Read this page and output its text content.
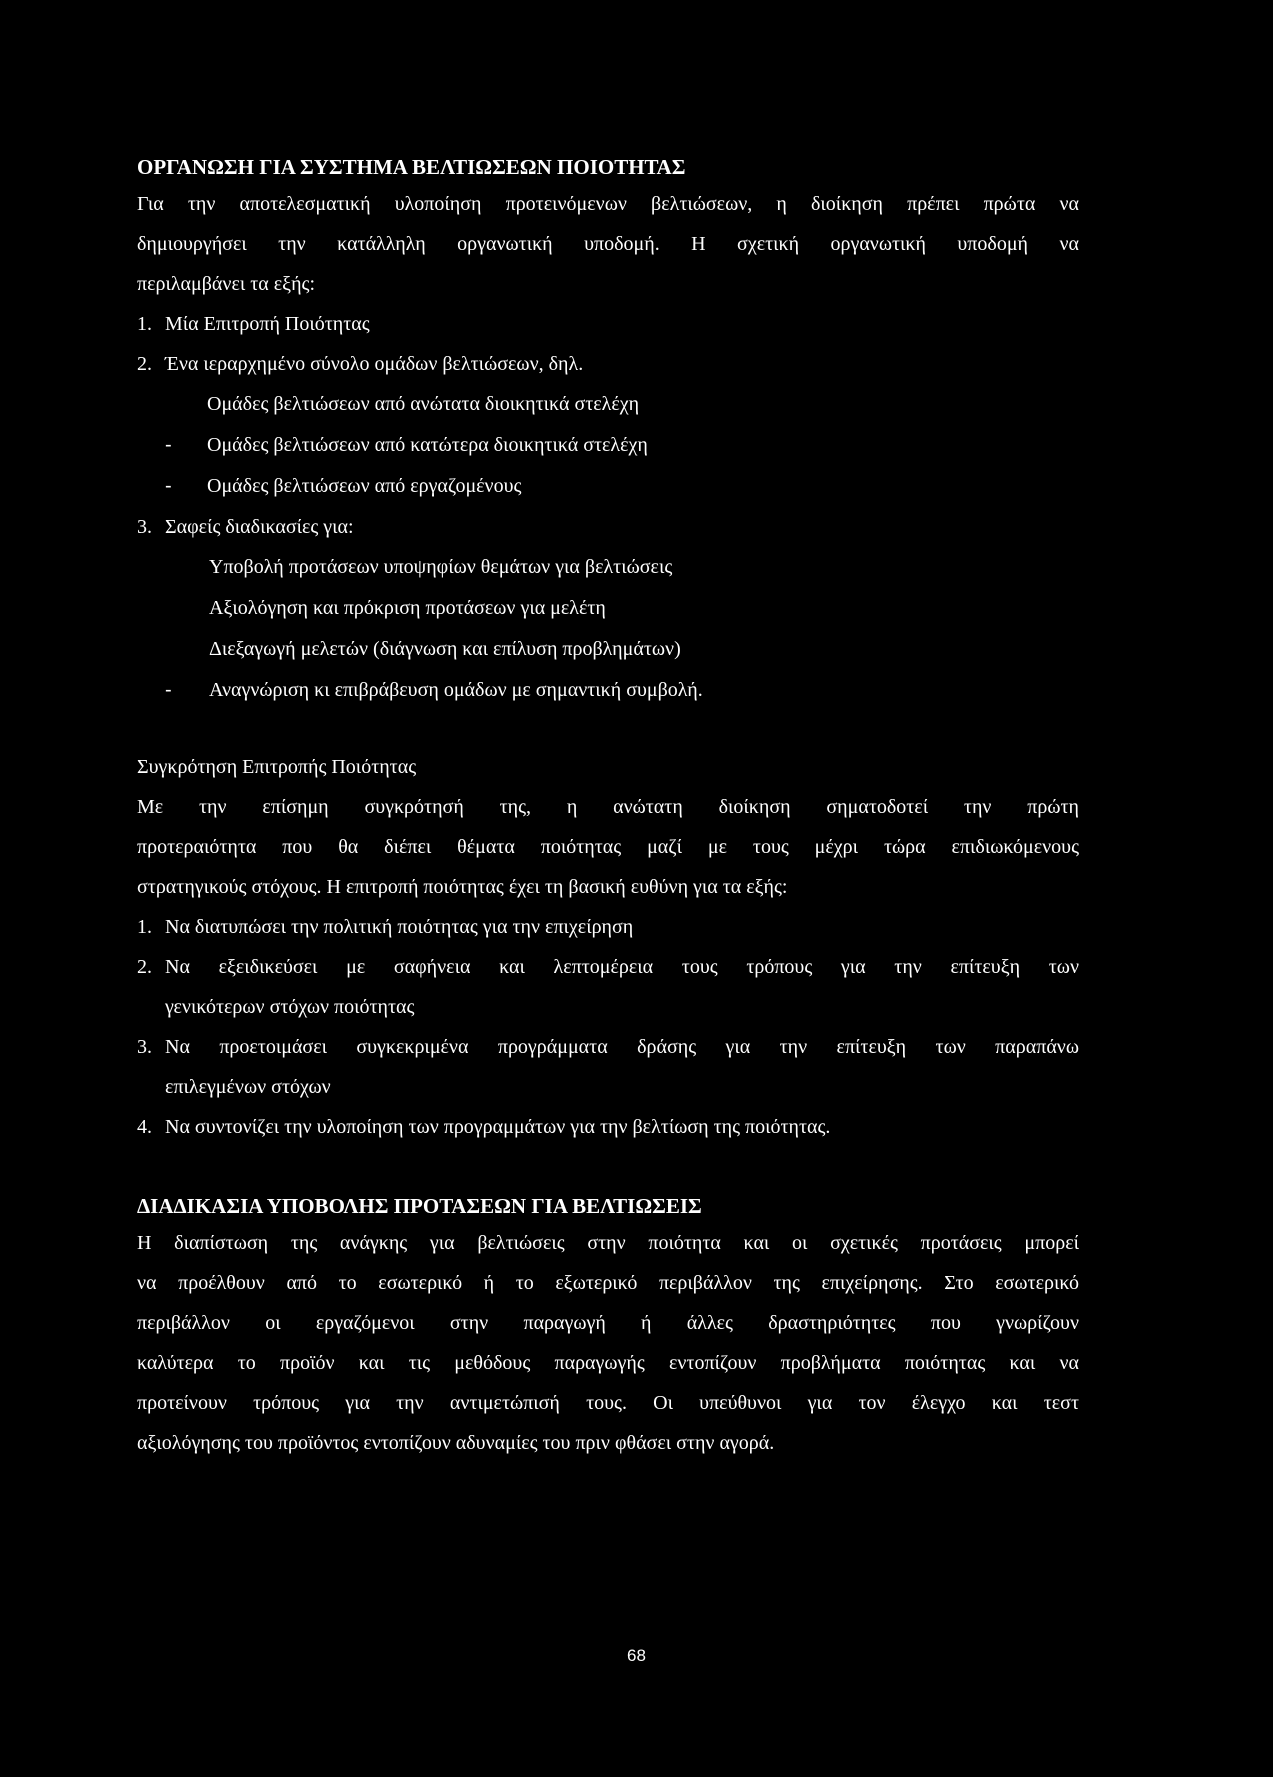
ΟΡΓΑΝΩΣΗ ΓΙΑ ΣΥΣΤΗΜΑ ΒΕΛΤΙΩΣΕΩΝ ΠΟΙΟΤΗΤΑΣ
Για την αποτελεσματική υλοποίηση προτεινόμενων βελτιώσεων, η διοίκηση πρέπει πρώτα να
δημιουργήσει την κατάλληλη οργανωτική υποδομή. Η σχετική οργανωτική υποδομή να
περιλαμβάνει τα εξής:
1. Μία Επιτροπή Ποιότητας
2. Ένα ιεραρχημένο σύνολο ομάδων βελτιώσεων, δηλ.
Ομάδες βελτιώσεων από ανώτατα διοικητικά στελέχη
-	Ομάδες βελτιώσεων από κατώτερα διοικητικά στελέχη
-	Ομάδες βελτιώσεων από εργαζομένους
3. Σαφείς διαδικασίες για:
Υποβολή προτάσεων υποψηφίων θεμάτων για βελτιώσεις
Αξιολόγηση και πρόκριση προτάσεων για μελέτη
Διεξαγωγή μελετών (διάγνωση και επίλυση προβλημάτων)
-	Αναγνώριση κι επιβράβευση ομάδων με σημαντική συμβολή.
Συγκρότηση Επιτροπής Ποιότητας
Με την επίσημη συγκρότησή της, η ανώτατη διοίκηση σηματοδοτεί την πρώτη
προτεραιότητα που θα διέπει θέματα ποιότητας μαζί με τους μέχρι τώρα επιδιωκόμενους
στρατηγικούς στόχους. Η επιτροπή ποιότητας έχει τη βασική ευθύνη για τα εξής:
1. Να διατυπώσει την πολιτική ποιότητας για την επιχείρηση
2. Να εξειδικεύσει με σαφήνεια και λεπτομέρεια τους τρόπους για την επίτευξη των
γενικότερων στόχων ποιότητας
3. Να προετοιμάσει συγκεκριμένα προγράμματα δράσης για την επίτευξη των παραπάνω
επιλεγμένων στόχων
4. Να συντονίζει την υλοποίηση των προγραμμάτων για την βελτίωση της ποιότητας.
ΔΙΑΔΙΚΑΣΙΑ ΥΠΟΒΟΛΗΣ ΠΡΟΤΑΣΕΩΝ ΓΙΑ ΒΕΛΤΙΩΣΕΙΣ
Η διαπίστωση της ανάγκης για βελτιώσεις στην ποιότητα και οι σχετικές προτάσεις μπορεί
να προέλθουν από το εσωτερικό ή το εξωτερικό περιβάλλον της επιχείρησης. Στο εσωτερικό
περιβάλλον οι εργαζόμενοι στην παραγωγή ή άλλες δραστηριότητες που γνωρίζουν
καλύτερα το προϊόν και τις μεθόδους παραγωγής εντοπίζουν προβλήματα ποιότητας και να
προτείνουν τρόπους για την αντιμετώπισή τους. Οι υπεύθυνοι για τον έλεγχο και τεστ
αξιολόγησης του προϊόντος εντοπίζουν αδυναμίες του πριν φθάσει στην αγορά.
68
